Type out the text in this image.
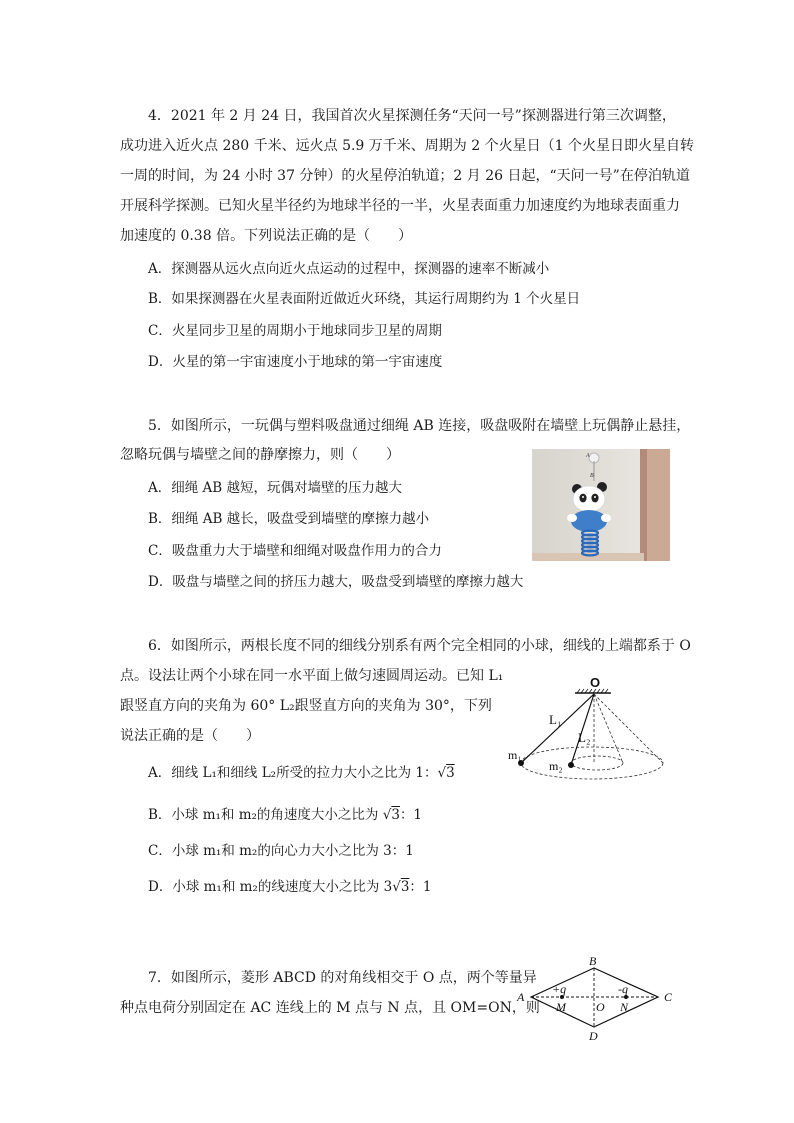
4．2021 年 2 月 24 日，我国首次火星探测任务“天问一号”探测器进行第三次调整，
成功进入近火点 280 千米、远火点 5.9 万千米、周期为 2 个火星日（1 个火星日即火星自转
一周的时间，为 24 小时 37 分钟）的火星停泊轨道；2 月 26 日起，“天问一号”在停泊轨道
开展科学探测。已知火星半径约为地球半径的一半，火星表面重力加速度约为地球表面重力
加速度的 0.38 倍。下列说法正确的是（　　）
A．探测器从远火点向近火点运动的过程中，探测器的速率不断减小
B．如果探测器在火星表面附近做近火环绕，其运行周期约为 1 个火星日
C．火星同步卫星的周期小于地球同步卫星的周期
D．火星的第一宇宙速度小于地球的第一宇宙速度
5．如图所示，一玩偶与塑料吸盘通过细绳 AB 连接，吸盘吸附在墙壁上玩偶静止悬挂，
忽略玩偶与墙壁之间的静摩擦力，则（　　）
A．细绳 AB 越短，玩偶对墙壁的压力越大
B．细绳 AB 越长，吸盘受到墙壁的摩擦力越小
C．吸盘重力大于墙壁和细绳对吸盘作用力的合力
D．吸盘与墙壁之间的挤压力越大，吸盘受到墙壁的摩擦力越大
A
B
6．如图所示，两根长度不同的细线分别系有两个完全相同的小球，细线的上端都系于 O
点。设法让两个小球在同一水平面上做匀速圆周运动。已知 L₁
跟竖直方向的夹角为 60° L₂跟竖直方向的夹角为 30°，下列
说法正确的是（　　）
A．细线 L₁和细线 L₂所受的拉力大小之比为 1：√3
B．小球 m₁和 m₂的角速度大小之比为 √3：1
C．小球 m₁和 m₂的向心力大小之比为 3：1
D．小球 m₁和 m₂的线速度大小之比为 3√3：1
O
L₁
L₂
m₁
m₂
7．如图所示，菱形 ABCD 的对角线相交于 O 点，两个等量异
种点电荷分别固定在 AC 连线上的 M 点与 N 点，且 OM=ON，则
A
B
C
D
M	N
O
+q	-q
